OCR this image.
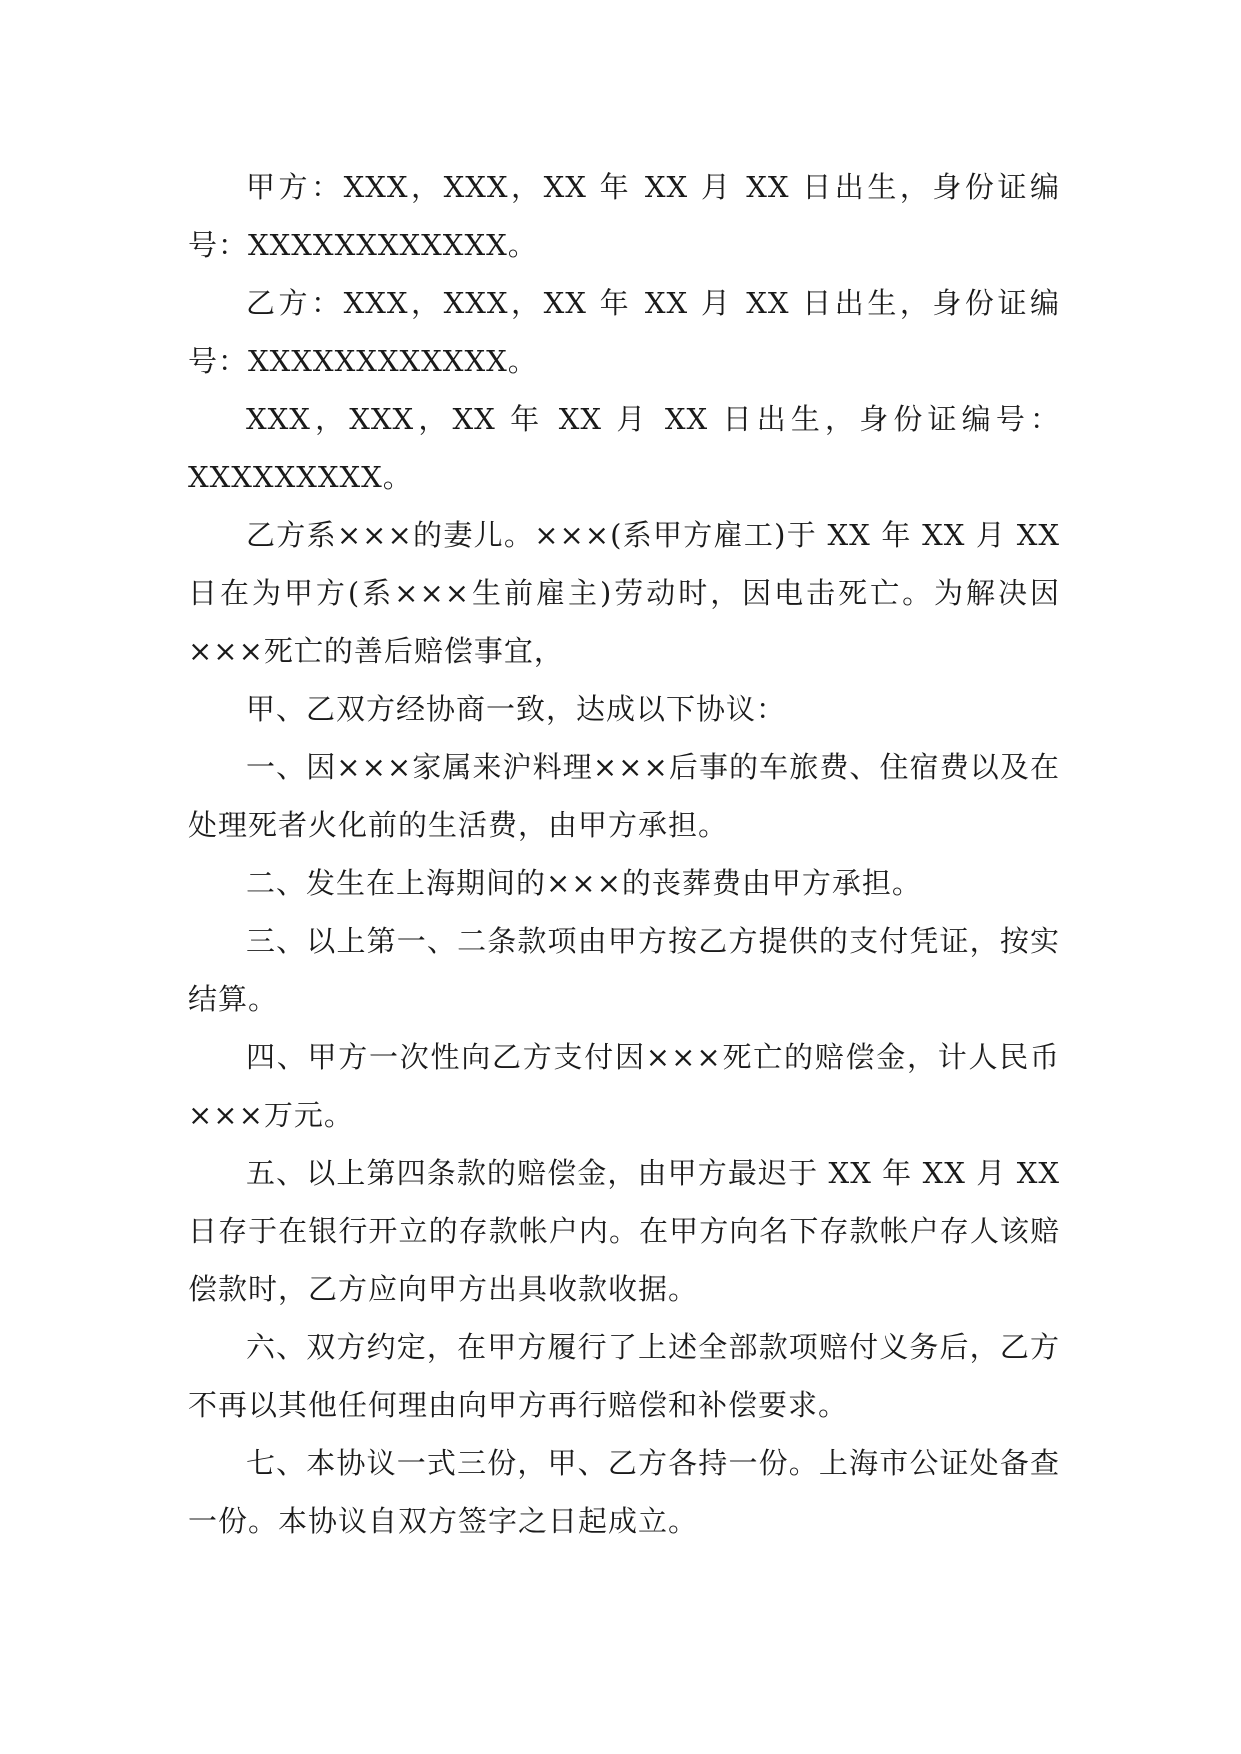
甲方：XXX，XXX，XX 年 XX 月 XX 日出生，身份证编号：XXXXXXXXXXXX。

乙方：XXX，XXX，XX 年 XX 月 XX 日出生，身份证编号：XXXXXXXXXXXX。

XXX，XXX，XX 年 XX 月 XX 日出生，身份证编号：XXXXXXXXX。

乙方系×××的妻儿。×××(系甲方雇工)于 XX 年 XX 月 XX 日在为甲方(系×××生前雇主)劳动时，因电击死亡。为解决因×××死亡的善后赔偿事宜，

甲、乙双方经协商一致，达成以下协议：

一、因×××家属来沪料理×××后事的车旅费、住宿费以及在处理死者火化前的生活费，由甲方承担。

二、发生在上海期间的×××的丧葬费由甲方承担。

三、以上第一、二条款项由甲方按乙方提供的支付凭证，按实结算。

四、甲方一次性向乙方支付因×××死亡的赔偿金，计人民币×××万元。

五、以上第四条款的赔偿金，由甲方最迟于 XX 年 XX 月 XX 日存于在银行开立的存款帐户内。在甲方向名下存款帐户存人该赔偿款时，乙方应向甲方出具收款收据。

六、双方约定，在甲方履行了上述全部款项赔付义务后，乙方不再以其他任何理由向甲方再行赔偿和补偿要求。

七、本协议一式三份，甲、乙方各持一份。上海市公证处备查一份。本协议自双方签字之日起成立。
